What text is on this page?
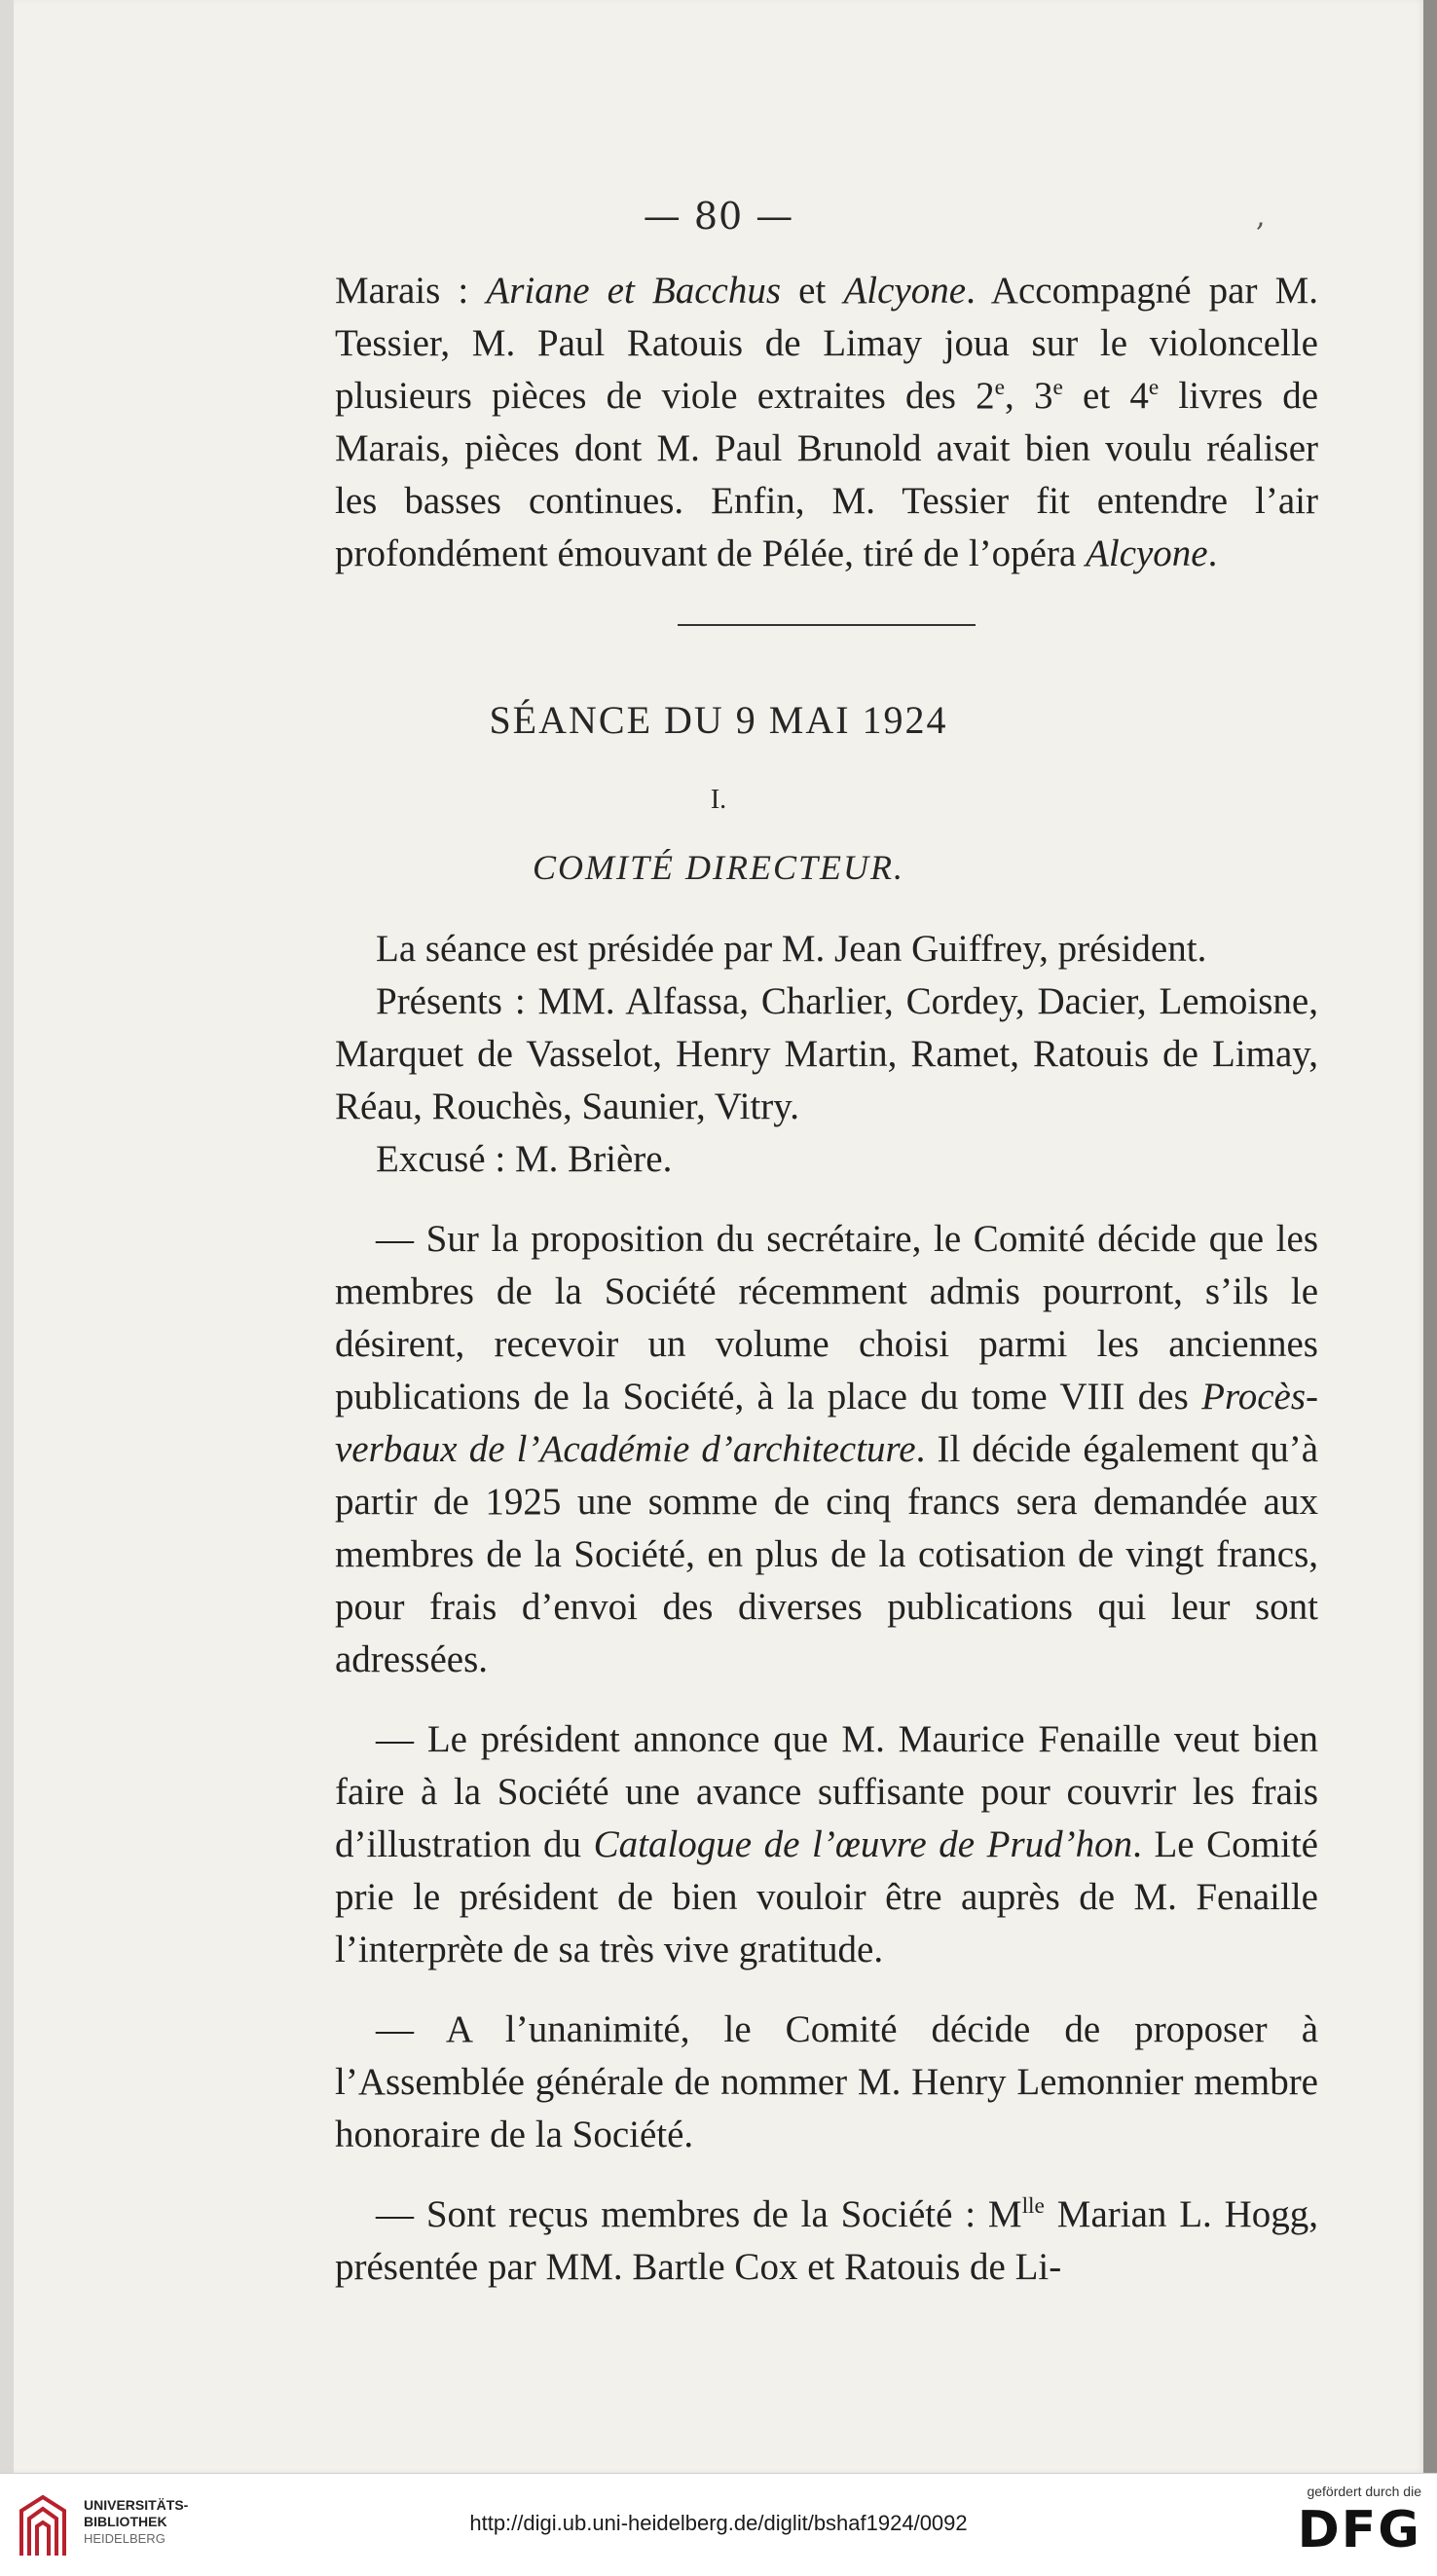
— 80 —	,

Marais : Ariane et Bacchus et Alcyone. Accompagné par M. Tessier, M. Paul Ratouis de Limay joua sur le violoncelle plusieurs pièces de viole extraites des 2e, 3e et 4e livres de Marais, pièces dont M. Paul Brunold avait bien voulu réaliser les basses continues. Enfin, M. Tessier fit entendre l’air profondément émouvant de Pélée, tiré de l’opéra Alcyone.

SÉANCE DU 9 MAI 1924
I.
COMITÉ DIRECTEUR.

La séance est présidée par M. Jean Guiffrey, président.

Présents : MM. Alfassa, Charlier, Cordey, Dacier, Lemoisne, Marquet de Vasselot, Henry Martin, Ramet, Ratouis de Limay, Réau, Rouchès, Saunier, Vitry.

Excusé : M. Brière.

— Sur la proposition du secrétaire, le Comité décide que les membres de la Société récemment admis pourront, s’ils le désirent, recevoir un volume choisi parmi les anciennes publications de la Société, à la place du tome VIII des Procès-verbaux de l’Académie d’architecture. Il décide également qu’à partir de 1925 une somme de cinq francs sera demandée aux membres de la Société, en plus de la cotisation de vingt francs, pour frais d’envoi des diverses publications qui leur sont adressées.

— Le président annonce que M. Maurice Fenaille veut bien faire à la Société une avance suffisante pour couvrir les frais d’illustration du Catalogue de l’œuvre de Prud’hon. Le Comité prie le président de bien vouloir être auprès de M. Fenaille l’interprète de sa très vive gratitude.

— A l’unanimité, le Comité décide de proposer à l’Assemblée générale de nommer M. Henry Lemonnier membre honoraire de la Société.

— Sont reçus membres de la Société : $M^{lle}$ Marian L. Hogg, présentée par MM. Bartle Cox et Ratouis de Li-

UNIVERSITÄTS-
BIBLIOTHEK
HEIDELBERG
http://digi.ub.uni-heidelberg.de/diglit/bshaf1924/0092
gefördert durch die
DFG
